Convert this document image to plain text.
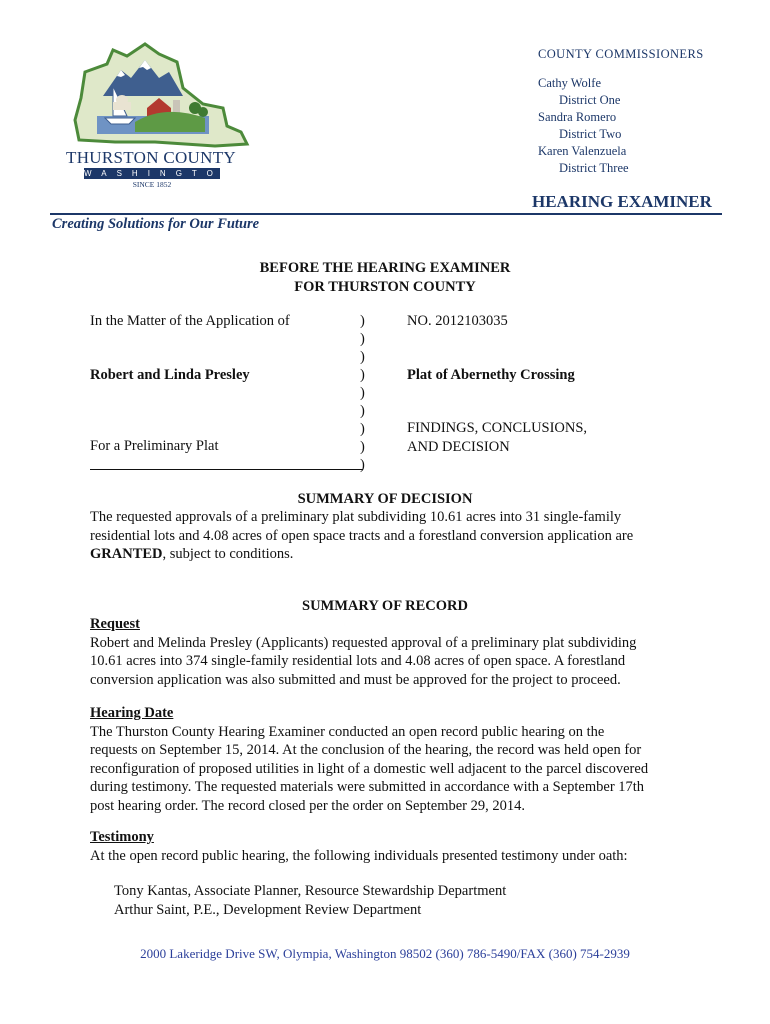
THURSTON COUNTY
WASHINGTON
SINCE 1852
COUNTY COMMISSIONERS
Cathy Wolfe
District One
Sandra Romero
District Two
Karen Valenzuela
District Three
HEARING EXAMINER
Creating Solutions for Our Future
BEFORE THE HEARING EXAMINER
FOR THURSTON COUNTY
In the Matter of the Application of
Robert and Linda Presley
For a Preliminary Plat
)
)
)
)
)
)
)
)
)
NO. 2012103035
Plat of Abernethy Crossing
FINDINGS, CONCLUSIONS,
AND DECISION
SUMMARY OF DECISION

The requested approvals of a preliminary plat subdividing 10.61 acres into 31 single-family

residential lots and 4.08 acres of open space tracts and a forestland conversion application are

GRANTED, subject to conditions.

SUMMARY OF RECORD

Request

Robert and Melinda Presley (Applicants) requested approval of a preliminary plat subdividing

10.61 acres into 374 single-family residential lots and 4.08 acres of open space. A forestland

conversion application was also submitted and must be approved for the project to proceed.

Hearing Date

The Thurston County Hearing Examiner conducted an open record public hearing on the

requests on September 15, 2014. At the conclusion of the hearing, the record was held open for

reconfiguration of proposed utilities in light of a domestic well adjacent to the parcel discovered

during testimony. The requested materials were submitted in accordance with a September 17th

post hearing order. The record closed per the order on September 29, 2014.

Testimony

At the open record public hearing, the following individuals presented testimony under oath:

Tony Kantas, Associate Planner, Resource Stewardship Department

Arthur Saint, P.E., Development Review Department

2000 Lakeridge Drive SW, Olympia, Washington 98502 (360) 786-5490/FAX (360) 754-2939
